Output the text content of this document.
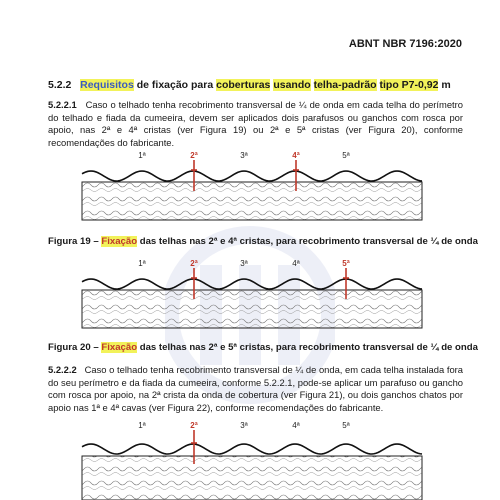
ABNT NBR 7196:2020
5.2.2 Requisitos de fixação para coberturas usando telha-padrão tipo P7-0,92 m
5.2.2.1 Caso o telhado tenha recobrimento transversal de ¼ de onda em cada telha do perímetro do telhado e fiada da cumeeira, devem ser aplicados dois parafusos ou ganchos com rosca por apoio, nas 2ª e 4ª cristas (ver Figura 19) ou 2ª e 5ª cristas (ver Figura 20), conforme recomendações do fabricante.
1ª	2ª	3ª	4ª	5ª
Figura 19 – Fixação das telhas nas 2ª e 4ª cristas, para recobrimento transversal de ¼ de onda
1ª	2ª	3ª	4ª	5ª
Figura 20 – Fixação das telhas nas 2ª e 5ª cristas, para recobrimento transversal de ¼ de onda
5.2.2.2 Caso o telhado tenha recobrimento transversal de ¼ de onda, em cada telha instalada fora do seu perímetro e da fiada da cumeeira, conforme 5.2.2.1, pode-se aplicar um parafuso ou gancho com rosca por apoio, na 2ª crista da onda de cobertura (ver Figura 21), ou dois ganchos chatos por apoio nas 1ª e 4ª cavas (ver Figura 22), conforme recomendações do fabricante.
1ª	2ª	3ª	4ª	5ª
